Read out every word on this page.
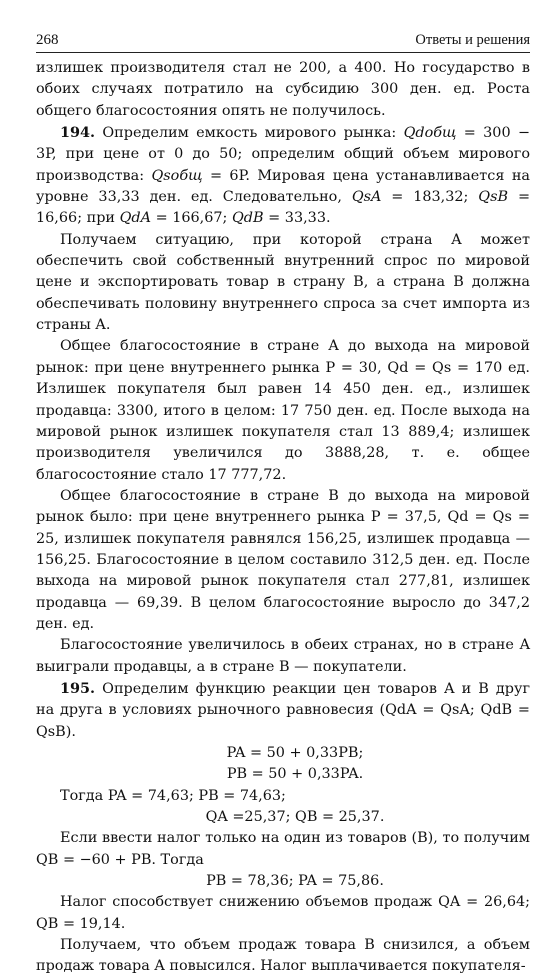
268	Ответы и решения

излишек производителя стал не 200, а 400. Но государство в обоих случаях потратило на субсидию 300 ден. ед. Роста общего благосостояния опять не получилось.

194. Определим емкость мирового рынка: Qdобщ = 300 − 3P, при цене от 0 до 50; определим общий объем мирового производства: Qsобщ = 6P. Мировая цена устанавливается на уровне 33,33 ден. ед. Следовательно, QsA = 183,32; QsB = 16,66; при QdA = 166,67; QdB = 33,33.

Получаем ситуацию, при которой страна A может обеспечить свой собственный внутренний спрос по мировой цене и экспортировать товар в страну B, а страна B должна обеспечивать половину внутреннего спроса за счет импорта из страны A.

Общее благосостояние в стране A до выхода на мировой рынок: при цене внутреннего рынка P = 30, Qd = Qs = 170 ед. Излишек покупателя был равен 14 450 ден. ед., излишек продавца: 3300, итого в целом: 17 750 ден. ед. После выхода на мировой рынок излишек покупателя стал 13 889,4; излишек производителя увеличился до 3888,28, т. е. общее благосостояние стало 17 777,72.

Общее благосостояние в стране B до выхода на мировой рынок было: при цене внутреннего рынка P = 37,5, Qd = Qs = 25, излишек покупателя равнялся 156,25, излишек продавца — 156,25. Благосостояние в целом составило 312,5 ден. ед. После выхода на мировой рынок покупателя стал 277,81, излишек продавца — 69,39. В целом благосостояние выросло до 347,2 ден. ед.

Благосостояние увеличилось в обеих странах, но в стране A выиграли продавцы, а в стране B — покупатели.

195. Определим функцию реакции цен товаров A и B друг на друга в условиях рыночного равновесия (QdA = QsA; QdB = QsB).

PA = 50 + 0,33PB;

PB = 50 + 0,33PA.

Тогда PA = 74,63; PB = 74,63;

QA =25,37; QB = 25,37.

Если ввести налог только на один из товаров (B), то получим QB = −60 + PB. Тогда

PB = 78,36; PA = 75,86.

Налог способствует снижению объемов продаж QA = 26,64; QB = 19,14.

Получаем, что объем продаж товара B снизился, а объем продаж товара A повысился. Налог выплачивается покупателя-
